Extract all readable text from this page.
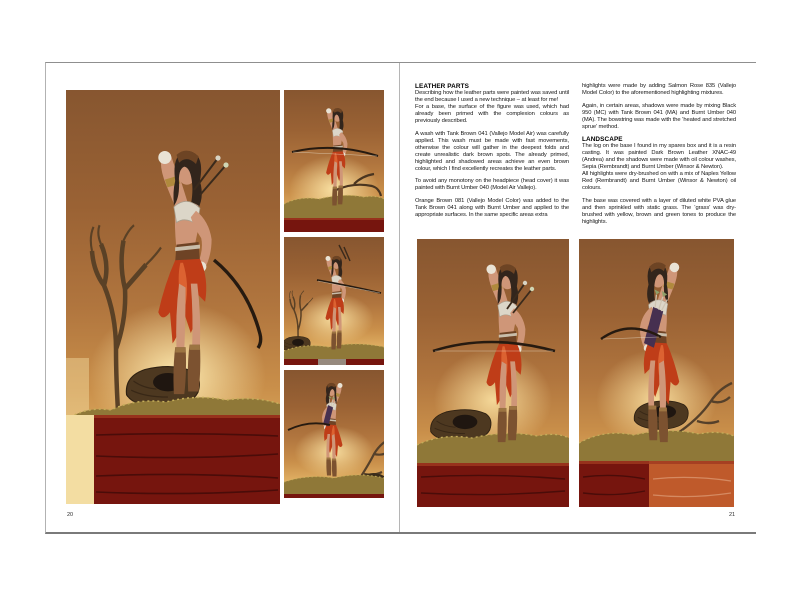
20
LEATHER PARTS

Describing how the leather parts were painted was saved until the end because I used a new technique – at least for me!

For a base, the surface of the figure was used, which had already been primed with the complexion colours as previously described.

A wash with Tank Brown 041 (Vallejo Model Air) was carefully applied. This wash must be made with fast movements, otherwise the colour will gather in the deepest folds and create unrealistic dark brown spots. The already primed, highlighted and shadowed areas achieve an even brown colour, which I find excellently recreates the leather parts.

To avoid any monotony on the headpiece (head cover) it was painted with Burnt Umber 040 (Model Air Vallejo).

Orange Brown 081 (Vallejo Model Color) was added to the Tank Brown 041 along with Burnt Umber and applied to the appropriate surfaces. In the same specific areas extra

highlights were made by adding Salmon Rose 835 (Vallejo Model Color) to the aforementioned highlighting mixtures.

Again, in certain areas, shadows were made by mixing Black 950 (MC) with Tank Brown 041 (MA) and Burnt Umber 040 (MA). The bowstring was made with the ‘heated and stretched sprue’ method.

LANDSCAPE

The log on the base I found in my spares box and it is a resin casting. It was painted Dark Brown Leather XNAC-49 (Andrea) and the shadows were made with oil colour washes, Sepia (Rembrandt) and Burnt Umber (Winsor & Newton).

All highlights were dry-brushed on with a mix of Naples Yellow Red (Rembrandt) and Burnt Umber (Winsor & Newton) oil colours.

The base was covered with a layer of diluted white PVA glue and then sprinkled with static grass. The ‘grass’ was dry-brushed with yellow, brown and green tones to produce the highlights.

21
